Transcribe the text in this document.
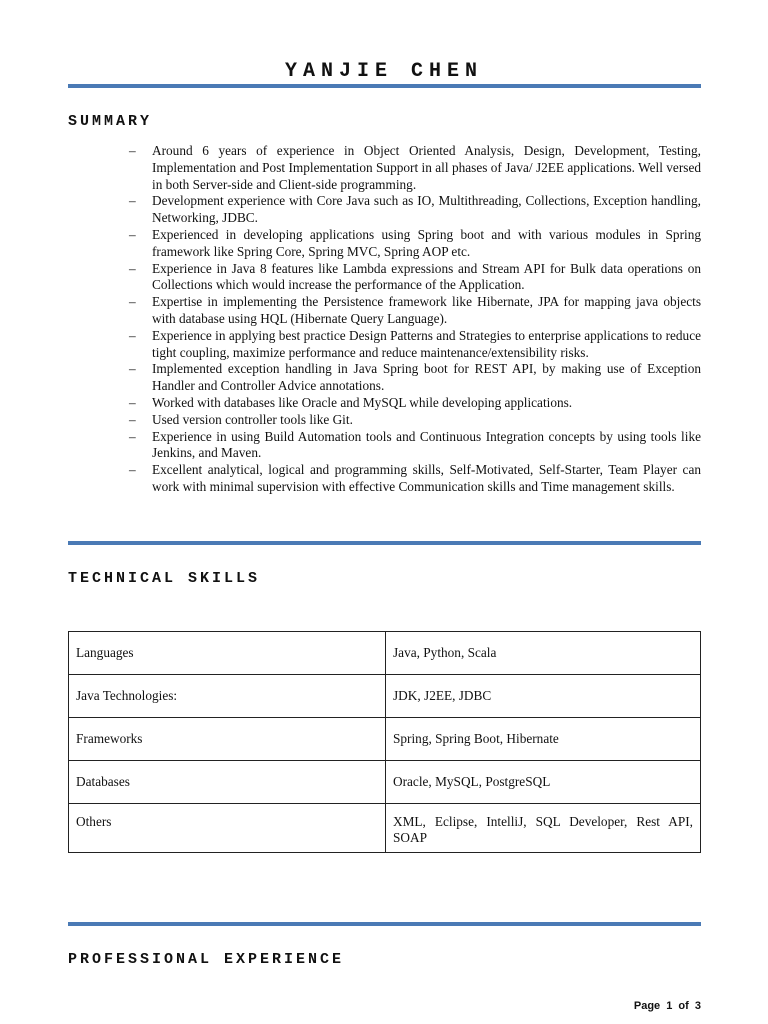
YANJIE CHEN
SUMMARY
– Around 6 years of experience in Object Oriented Analysis, Design, Development, Testing, Implementation and Post Implementation Support in all phases of Java/ J2EE applications. Well versed in both Server-side and Client-side programming.
– Development experience with Core Java such as IO, Multithreading, Collections, Exception handling, Networking, JDBC.
– Experienced in developing applications using Spring boot and with various modules in Spring framework like Spring Core, Spring MVC, Spring AOP etc.
– Experience in Java 8 features like Lambda expressions and Stream API for Bulk data operations on Collections which would increase the performance of the Application.
– Expertise in implementing the Persistence framework like Hibernate, JPA for mapping java objects with database using HQL (Hibernate Query Language).
– Experience in applying best practice Design Patterns and Strategies to enterprise applications to reduce tight coupling, maximize performance and reduce maintenance/extensibility risks.
– Implemented exception handling in Java Spring boot for REST API, by making use of Exception Handler and Controller Advice annotations.
– Worked with databases like Oracle and MySQL while developing applications.
– Used version controller tools like Git.
– Experience in using Build Automation tools and Continuous Integration concepts by using tools like Jenkins, and Maven.
– Excellent analytical, logical and programming skills, Self-Motivated, Self-Starter, Team Player can work with minimal supervision with effective Communication skills and Time management skills.
TECHNICAL SKILLS
Languages	Java, Python, Scala
Java Technologies:	JDK, J2EE, JDBC
Frameworks	Spring, Spring Boot, Hibernate
Databases	Oracle, MySQL, PostgreSQL
Others	XML, Eclipse, IntelliJ, SQL Developer, Rest API, SOAP
PROFESSIONAL EXPERIENCE
Page 1 of 3
